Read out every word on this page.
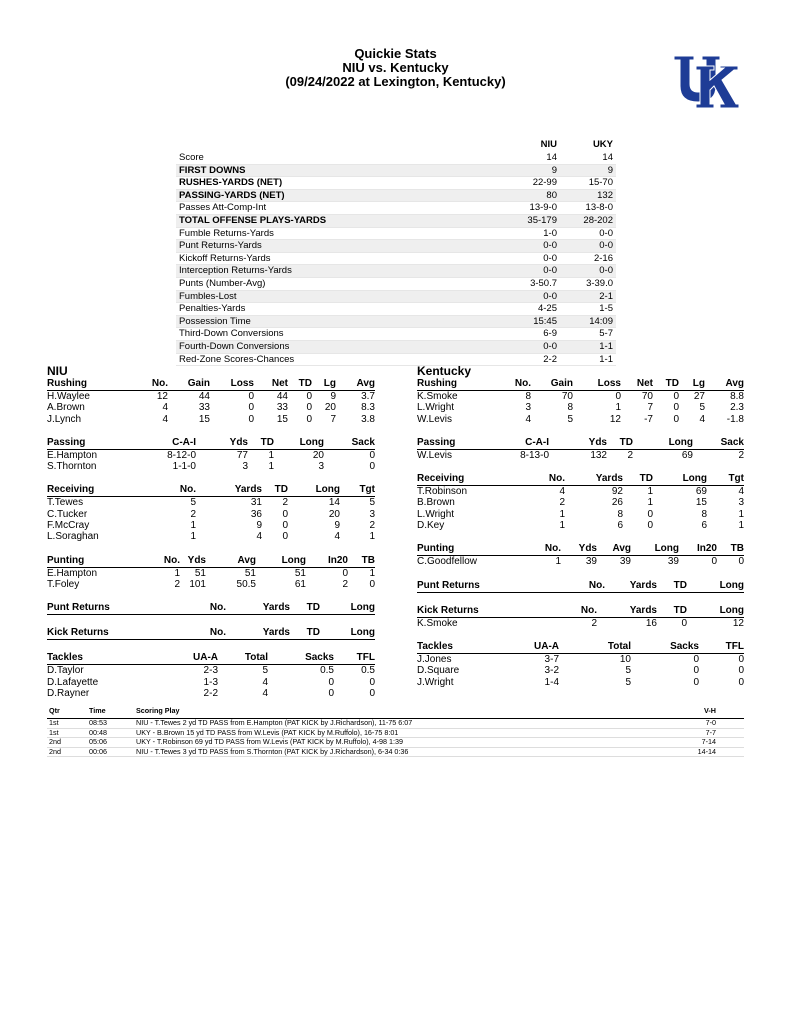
Quickie Stats
NIU vs. Kentucky
(09/24/2022 at Lexington, Kentucky)
NIU	UKY
Score	14	14
FIRST DOWNS	9	9
RUSHES-YARDS (NET)	22-99	15-70
PASSING-YARDS (NET)	80	132
Passes Att-Comp-Int	13-9-0	13-8-0
TOTAL OFFENSE PLAYS-YARDS	35-179	28-202
Fumble Returns-Yards	1-0	0-0
Punt Returns-Yards	0-0	0-0
Kickoff Returns-Yards	0-0	2-16
Interception Returns-Yards	0-0	0-0
Punts (Number-Avg)	3-50.7	3-39.0
Fumbles-Lost	0-0	2-1
Penalties-Yards	4-25	1-5
Possession Time	15:45	14:09
Third-Down Conversions	6-9	5-7
Fourth-Down Conversions	0-0	1-1
Red-Zone Scores-Chances	2-2	1-1
NIU
Rushing	No. Gain Loss Net TD Lg Avg
H.Waylee	12	44	0 44 0 9	3.7
A.Brown	4	33	0 33 0 20	8.3
J.Lynch	4	15	0 15 0 7	3.8
Passing	C-A-I	Yds TD	Long	Sack
E.Hampton	8-12-0	77 1	20	0
S.Thornton	1-1-0	3 1	3	0
Receiving	No.	Yards TD	Long Tgt
T.Tewes	5	31 2	14	5
C.Tucker	2	36 0	20	3
F.McCray	1	9 0	9	2
L.Soraghan	1	4 0	4	1
Punting	No. Yds	Avg	Long In20 TB
E.Hampton	1 51	51	51	0 1
T.Foley	2 101	50.5	61	2 0
Punt Returns	No.	Yards TD	Long
Kick Returns	No.	Yards TD	Long
Tackles	UA-A	Total	Sacks TFL
D.Taylor	2-3	5	0.5	0.5
D.Lafayette	1-3	4	0	0
D.Rayner	2-2	4	0	0
Kentucky
Rushing	No. Gain Loss Net TD Lg Avg
K.Smoke	8	70	0 70 0 27	8.8
L.Wright	3	8	1	7 0 5	2.3
W.Levis	4	5	12 -7 0 4 -1.8
Passing	C-A-I	Yds TD	Long	Sack
W.Levis	8-13-0	132 2	69	2
Receiving	No.	Yards TD	Long Tgt
T.Robinson	4	92 1	69	4
B.Brown	2	26 1	15	3
L.Wright	1	8 0	8	1
D.Key	1	6 0	6	1
Punting	No. Yds Avg Long In20 TB
C.Goodfellow	1 39 39	39	0 0
Punt Returns	No. Yards TD	Long
Kick Returns	No.	Yards TD	Long
K.Smoke	2	16 0	12
Tackles	UA-A	Total	Sacks	TFL
J.Jones	3-7	10	0	0
D.Square	3-2	5	0	0
J.Wright	1-4	5	0	0
Qtr	Time	Scoring Play	V-H
1st	08:53	NIU - T.Tewes 2 yd TD PASS from E.Hampton (PAT KICK by J.Richardson), 11-75 6:07	7-0
1st	00:48	UKY - B.Brown 15 yd TD PASS from W.Levis (PAT KICK by M.Ruffolo), 16-75 8:01	7-7
2nd	05:06	UKY - T.Robinson 69 yd TD PASS from W.Levis (PAT KICK by M.Ruffolo), 4-98 1:39	7-14
2nd	00:06	NIU - T.Tewes 3 yd TD PASS from S.Thornton (PAT KICK by J.Richardson), 6-34 0:36	14-14
